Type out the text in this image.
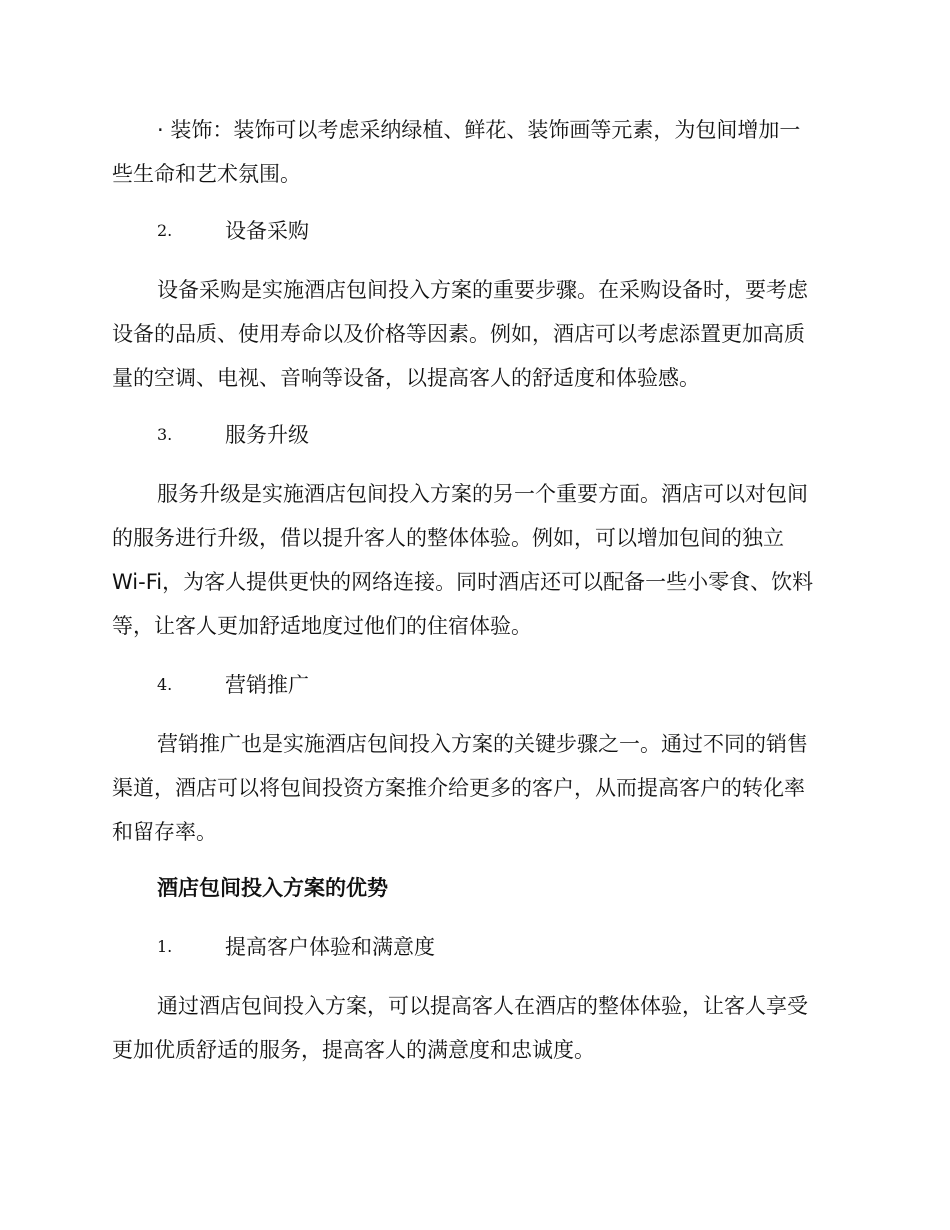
· 装饰：装饰可以考虑采纳绿植、鲜花、装饰画等元素，为包间增加一
些生命和艺术氛围。
2.	设备采购
设备采购是实施酒店包间投入方案的重要步骤。在采购设备时，要考虑
设备的品质、使用寿命以及价格等因素。例如，酒店可以考虑添置更加高质
量的空调、电视、音响等设备，以提高客人的舒适度和体验感。
3.	服务升级
服务升级是实施酒店包间投入方案的另一个重要方面。酒店可以对包间
的服务进行升级，借以提升客人的整体体验。例如，可以增加包间的独立
Wi-Fi，为客人提供更快的网络连接。同时酒店还可以配备一些小零食、饮料
等，让客人更加舒适地度过他们的住宿体验。
4.	营销推广
营销推广也是实施酒店包间投入方案的关键步骤之一。通过不同的销售
渠道，酒店可以将包间投资方案推介给更多的客户，从而提高客户的转化率
和留存率。
酒店包间投入方案的优势
1.	提高客户体验和满意度
通过酒店包间投入方案，可以提高客人在酒店的整体体验，让客人享受
更加优质舒适的服务，提高客人的满意度和忠诚度。
